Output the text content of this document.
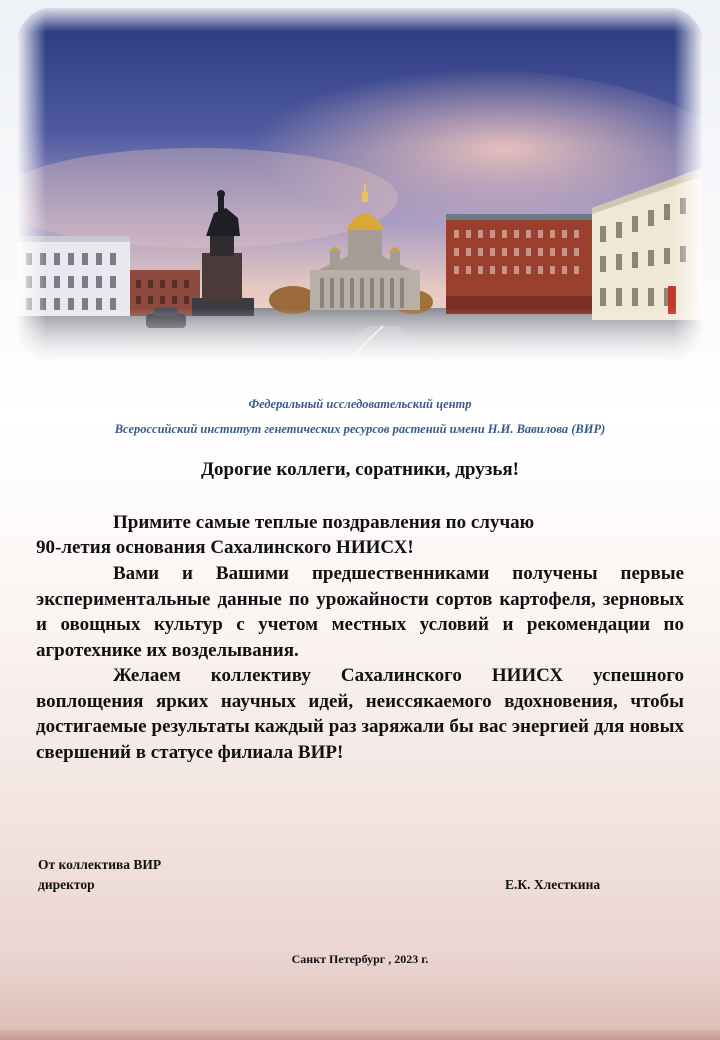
Федеральный исследовательский центр
Всероссийский институт генетических ресурсов растений имени Н.И. Вавилова (ВИР)
Дорогие коллеги, соратники, друзья!
Примите самые теплые поздравления по случаю
90-летия основания Сахалинского НИИСХ!
Вами и Вашими предшественниками получены первые экспериментальные данные по урожайности сортов картофеля, зерновых и овощных культур с учетом местных условий и рекомендации по агротехнике их возделывания.
Желаем коллективу Сахалинского НИИСХ успешного воплощения ярких научных идей, неиссякаемого вдохновения, чтобы достигаемые результаты каждый раз заряжали бы вас энергией для новых свершений в статусе филиала ВИР!
От коллектива ВИР
директор	Е.К. Хлесткина
Санкт Петербург , 2023 г.
